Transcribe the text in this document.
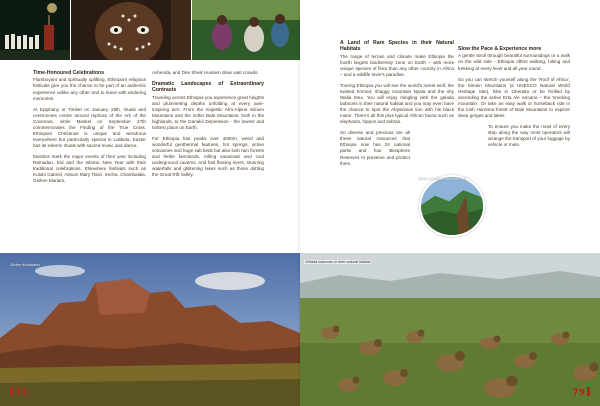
Time-Honoured Celebrations

Flamboyant and spiritually uplifting, Ethiopia's religious festivals give you the chance to be part of an authentic experience unlike any other and to leave with enduring memories.

At Epiphany or Timket on January 19th, rituals and ceremonies centre around replicas of the Ark of the Covenant, while Meskel on September 27th commemorates the Finding of the True Cross. Ethiopian Christmas is unique and wondrous everywhere but particularly special in Lalibela. Easter has its solemn rituals with sacred music and dance.

Muslims mark the major events of their year including Ramadan, Eid and the Islamic New Year with their traditional celebrations. Elsewhere festivals such as Kulubi Gabriel, Aksum Mary Tsion, Irecha, Chambalala, Gishen Mariam,

Ashenda, and Dire Sheik Hussein draw vast crowds.

Dramatic Landscapes of Extraordinary Contrasts

Traveling across Ethiopia you experience great heights and plummeting depths unfolding at every awe-inspiring turn. From the majestic Afro-Alpine Simien Mountains and the softer Bale Mountains, both in the highlands, to the Danakil Depression - the lowest and hottest place on Earth.

For Ethiopia has peaks over 4000m, weird and wonderful geothermal features, hot springs, active volcanoes and huge salt beds but also lush rain forests and fertile farmlands, rolling savannah and cool underground caverns. And fast flowing rivers, stunning waterfalls and glistening lakes such as those dotting the Great Rift Valley.

Simien Mountains
78
A Land of Rare Species in their Natural Habitats

The range of terrain and climate make Ethiopia the fourth largest biodiversity zone on Earth – with more unique species of flora than any other country in Africa – and a wildlife lover's paradise.

Touring Ethiopia you will see the world's rarest wolf, the twisted horned, shaggy mountain Nyala and the shy Walia Ibex. You will enjoy mingling with the gelada baboons in their natural habitat and you may even have the chance to spot the Abyssinian lion with his black mane. There's all this plus typical African fauna such as elephants, hippos and zebras.

So diverse and precious are all these natural resources that Ethiopia now has 24 national parks and four Biosphere Reserves to preserve and protect them.

Slow the Pace & Experience more

A gentle stroll through beautiful surroundings or a walk on the wild side - Ethiopia offers walking, hiking and trekking at every level and all year round.

So you can stretch yourself along the 'Roof of Africa', the Simien Mountains (a UNESCO Natural World Heritage Site), hike in Gheralta or be thrilled by ascending the active Erta Ale volcano – the 'smoking mountain'. Or take an easy walk or horseback ride in the lush Harenna forest of Bale Mountains to explore deep gorges and lakes.

To ensure you make the most of every step along the way most operators will arrange the transport of your luggage by vehicle or mule.

Simien Mountains National Park
Gelada baboons in their natural habitat
79
